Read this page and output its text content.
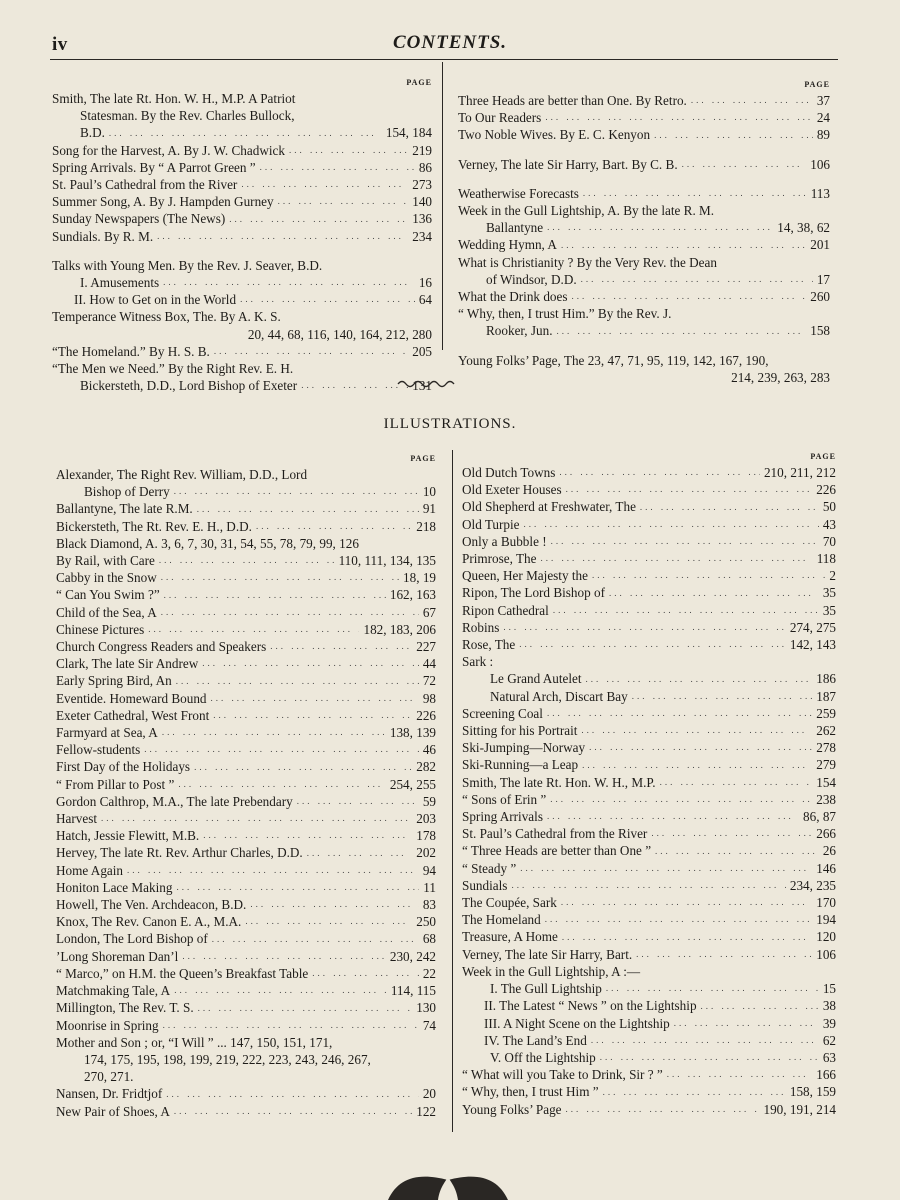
iv	CONTENTS.
PAGE
Smith, The late Rt. Hon. W. H., M.P. A Patriot
Statesman. By the Rev. Charles Bullock,
B.D. ... .	154, 184
Song for the Harvest, A. By J. W. Chadwick ... .	219
Spring Arrivals. By “ A Parrot Green ” ... .	86
St. Paul’s Cathedral from the River ... .	273
Summer Song, A. By J. Hampden Gurney ... .	140
Sunday Newspapers (The News) ... .	136
Sundials. By R. M. ... .	234
Talks with Young Men. By the Rev. J. Seaver, B.D.
I. Amusements ... .	16
II. How to Get on in the World ... .	64
Temperance Witness Box, The. By A. K. S.
20, 44, 68, 116, 140, 164, 212, 280
“The Homeland.” By H. S. B. ... .	205
“The Men we Need.” By the Right Rev. E. H.
Bickersteth, D.D., Lord Bishop of Exeter ... .	131
PAGE
Three Heads are better than One. By Retro. ... .	37
To Our Readers ... .	24
Two Noble Wives. By E. C. Kenyon ... .	89
Verney, The late Sir Harry, Bart. By C. B. ... .	106
Weatherwise Forecasts ... .	113
Week in the Gull Lightship, A. By the late R. M.
Ballantyne ... .	14, 38, 62
Wedding Hymn, A ... .	201
What is Christianity ? By the Very Rev. the Dean
of Windsor, D.D. ... .	17
What the Drink does ... .	260
“ Why, then, I trust Him.” By the Rev. J.
Rooker, Jun. ... .	158
Young Folks’ Page, The 23, 47, 71, 95, 119, 142, 167, 190,
214, 239, 263, 283
ILLUSTRATIONS.
PAGE
Alexander, The Right Rev. William, D.D., Lord
Bishop of Derry ... .	10
Ballantyne, The late R.M. ... .	91
Bickersteth, The Rt. Rev. E. H., D.D. ... .	218
Black Diamond, A. 3, 6, 7, 30, 31, 54, 55, 78, 79, 99, 126
By Rail, with Care ... .	110, 111, 134, 135
Cabby in the Snow ... .	18, 19
“ Can You Swim ?” ... .	162, 163
Child of the Sea, A ... .	67
Chinese Pictures ... .	182, 183, 206
Church Congress Readers and Speakers ... .	227
Clark, The late Sir Andrew ... .	44
Early Spring Bird, An ... .	72
Eventide. Homeward Bound ... .	98
Exeter Cathedral, West Front ... .	226
Farmyard at Sea, A ... .	138, 139
Fellow-students ... .	46
First Day of the Holidays ... .	282
“ From Pillar to Post ” ... .	254, 255
Gordon Calthrop, M.A., The late Prebendary ... .	59
Harvest ... .	203
Hatch, Jessie Flewitt, M.B. ... .	178
Hervey, The late Rt. Rev. Arthur Charles, D.D. ... .	202
Home Again ... .	94
Honiton Lace Making ... .	11
Howell, The Ven. Archdeacon, B.D. ... .	83
Knox, The Rev. Canon E. A., M.A. ... .	250
London, The Lord Bishop of ... .	68
’Long Shoreman Dan’l ... .	230, 242
“ Marco,” on H.M. the Queen’s Breakfast Table ... .	22
Matchmaking Tale, A ... .	114, 115
Millington, The Rev. T. S. ... .	130
Moonrise in Spring ... .	74
Mother and Son ; or, “I Will ” ... 147, 150, 151, 171,
174, 175, 195, 198, 199, 219, 222, 223, 243, 246, 267,
270, 271.
Nansen, Dr. Fridtjof ... .	20
New Pair of Shoes, A ... .	122
PAGE
Old Dutch Towns ... .	210, 211, 212
Old Exeter Houses ... .	226
Old Shepherd at Freshwater, The ... .	50
Old Turpie ... .	43
Only a Bubble ! ... .	70
Primrose, The ... .	118
Queen, Her Majesty the ... .	2
Ripon, The Lord Bishop of ... .	35
Ripon Cathedral ... .	35
Robins ... .	274, 275
Rose, The ... .	142, 143
Sark :
Le Grand Autelet ... .	186
Natural Arch, Discart Bay ... .	187
Screening Coal ... .	259
Sitting for his Portrait ... .	262
Ski-Jumping—Norway ... .	278
Ski-Running—a Leap ... .	279
Smith, The late Rt. Hon. W. H., M.P. ... .	154
“ Sons of Erin ” ... .	238
Spring Arrivals ... .	86, 87
St. Paul’s Cathedral from the River ... .	266
“ Three Heads are better than One ” ... .	26
“ Steady ” ... .	146
Sundials ... .	234, 235
The Coupée, Sark ... .	170
The Homeland ... .	194
Treasure, A Home ... .	120
Verney, The late Sir Harry, Bart. ... .	106
Week in the Gull Lightship, A :—
I. The Gull Lightship ... .	15
II. The Latest “ News ” on the Lightship ... .	38
III. A Night Scene on the Lightship ... .	39
IV. The Land’s End ... .	62
V. Off the Lightship ... .	63
“ What will you Take to Drink, Sir ? ” ... .	166
“ Why, then, I trust Him ” ... .	158, 159
Young Folks’ Page ... .	190, 191, 214
